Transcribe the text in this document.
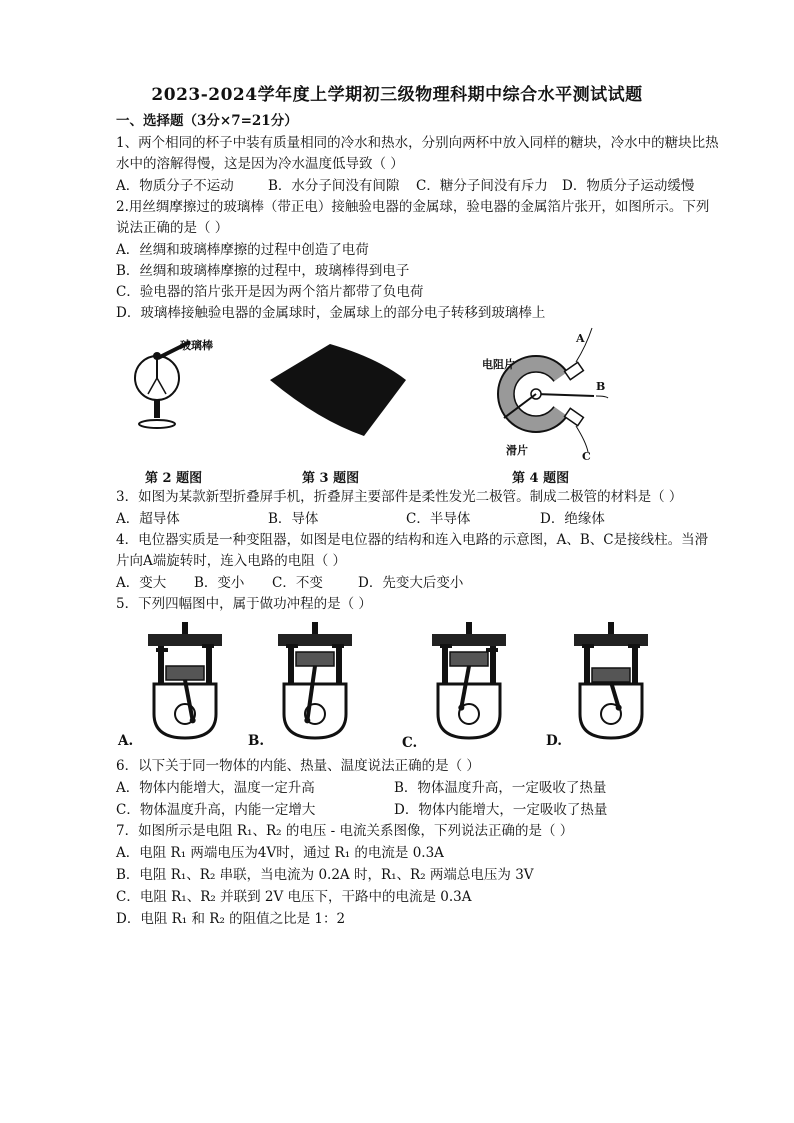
2023-2024学年度上学期初三级物理科期中综合水平测试试题
一、选择题（3分×7=21分）
1、两个相同的杯子中装有质量相同的冷水和热水，分别向两杯中放入同样的糖块，冷水中的糖块比热
水中的溶解得慢，这是因为冷水温度低导致（ ）
A．物质分子不运动	B．水分子间没有间隙 C．糖分子间没有斥力 D．物质分子运动缓慢
2.用丝绸摩擦过的玻璃棒（带正电）接触验电器的金属球，验电器的金属箔片张开，如图所示。下列
说法正确的是（ ）
A．丝绸和玻璃棒摩擦的过程中创造了电荷
B．丝绸和玻璃棒摩擦的过程中，玻璃棒得到电子
C．验电器的箔片张开是因为两个箔片都带了负电荷
D．玻璃棒接触验电器的金属球时，金属球上的部分电子转移到玻璃棒上
玻璃棒
电阻片
滑片
A
B
C
第 2 题图	第 3 题图	第 4 题图
3．如图为某款新型折叠屏手机，折叠屏主要部件是柔性发光二极管。制成二极管的材料是（ ）
A．超导体	B．导体	C．半导体	D．绝缘体
4．电位器实质是一种变阻器，如图是电位器的结构和连入电路的示意图，A、B、C是接线柱。当滑
片向A端旋转时，连入电路的电阻（ ）
A．变大 B．变小 C．不变	D．先变大后变小
5．下列四幅图中，属于做功冲程的是（ ）
A.	B.	C.	D.
6．以下关于同一物体的内能、热量、温度说法正确的是（ ）
A．物体内能增大，温度一定升高	B．物体温度升高，一定吸收了热量
C．物体温度升高，内能一定增大	D．物体内能增大，一定吸收了热量
7．如图所示是电阻 R₁、R₂ 的电压 - 电流关系图像，下列说法正确的是（ ）
A．电阻 R₁ 两端电压为4V时，通过 R₁ 的电流是 0.3A
B．电阻 R₁、R₂ 串联，当电流为 0.2A 时，R₁、R₂ 两端总电压为 3V
C．电阻 R₁、R₂ 并联到 2V 电压下，干路中的电流是 0.3A
D．电阻 R₁ 和 R₂ 的阻值之比是 1：2
